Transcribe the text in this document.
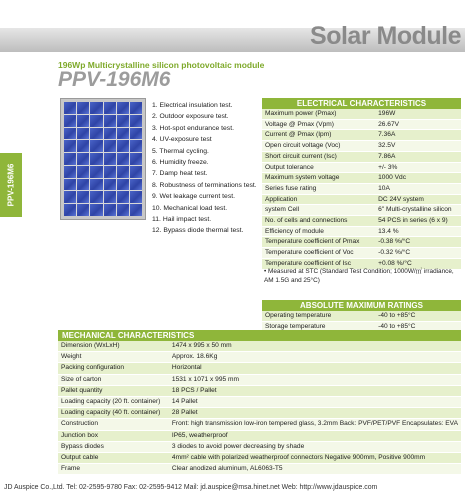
Solar Module
PPV-196M6
196Wp Multicrystalline silicon photovoltaic module
PPV-196M6
1. Electrical insulation test.
2. Outdoor exposure test.
3. Hot-spot endurance test.
4. UV-exposure test
5. Thermal cycling.
6. Humidity freeze.
7. Damp heat test.
8. Robustness of terminations test.
9. Wet leakage current test.
10. Mechanical load test.
11. Hail impact test.
12. Bypass diode thermal test.
ELECTRICAL CHARACTERISTICS
Maximum power (Pmax)	196W
Voltage @ Pmax (Vpm)	26.67V
Current @ Pmax (Ipm)	7.36A
Open circuit voltage (Voc)	32.5V
Short circuit current (Isc)	7.86A
Output tolerance	+/- 3%
Maximum system voltage	1000 Vdc
Series fuse rating	10A
Application	DC 24V system
system Cell	6" Multi-crystalline silicon
No. of cells and connections	54 PCS in series (6 x 9)
Efficiency of module	13.4 %
Temperature coefficient of Pmax	-0.38 %/°C
Temperature coefficient of Voc	-0.32 %/°C
Temperature coefficient of Isc	+0.08 %/°C
• Measured at STC (Standard Test Condition; 1000W/㎡ irradiance, AM 1.5G and 25°C)
ABSOLUTE MAXIMUM RATINGS
Operating temperature	-40 to +85°C
Storage temperature	-40 to +85°C
MECHANICAL CHARACTERISTICS
Dimension (WxLxH)	1474 x 995 x 50 mm
Weight	Approx. 18.6Kg
Packing configuration	Horizontal
Size of carton	1531 x 1071 x 995 mm
Pallet quantity	18 PCS / Pallet
Loading capacity (20 ft. container)	14 Pallet
Loading capacity (40 ft. container)	28 Pallet
Construction	Front: high transmission low-iron tempered glass, 3.2mm Back: PVF/PET/PVF Encapsulates: EVA
Junction box	IP65, weatherproof
Bypass diodes	3 diodes to avoid power decreasing by shade
Output cable	4mm² cable with polarized weatherproof connectors Negative 900mm, Positive 900mm
Frame	Clear anodized aluminum, AL6063-T5
JD Auspice Co.,Ltd. Tel: 02-2595-9780 Fax: 02-2595-9412 Mail: jd.auspice@msa.hinet.net Web: http://www.jdauspice.com
